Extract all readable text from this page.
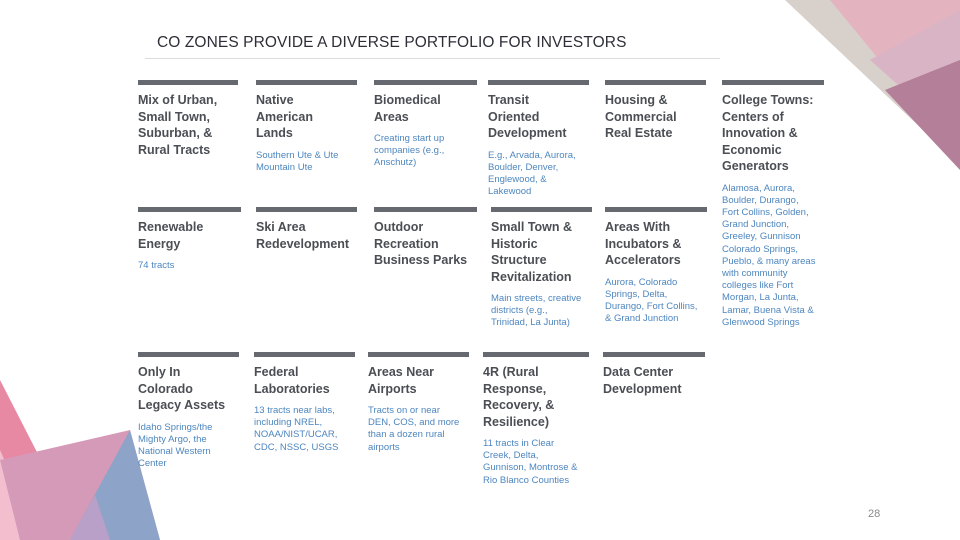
CO ZONES PROVIDE A DIVERSE PORTFOLIO FOR INVESTORS
Mix of Urban,
Small Town,
Suburban, &
Rural Tracts
Native
American
Lands
Southern Ute & Ute
Mountain Ute
Biomedical
Areas
Creating start up
companies (e.g.,
Anschutz)
Transit
Oriented
Development
E.g., Arvada, Aurora,
Boulder, Denver,
Englewood, &
Lakewood
Housing &
Commercial
Real Estate
College Towns:
Centers of
Innovation &
Economic
Generators
Alamosa, Aurora,
Boulder, Durango,
Fort Collins, Golden,
Grand Junction,
Greeley, Gunnison
Colorado Springs,
Pueblo, & many areas
with community
colleges like Fort
Morgan, La Junta,
Lamar, Buena Vista &
Glenwood Springs
Renewable
Energy
74 tracts
Ski Area
Redevelopment
Outdoor
Recreation
Business Parks
Small Town &
Historic
Structure
Revitalization
Main streets, creative
districts (e.g.,
Trinidad, La Junta)
Areas With
Incubators &
Accelerators
Aurora, Colorado
Springs, Delta,
Durango, Fort Collins,
& Grand Junction
Only In
Colorado
Legacy Assets
Idaho Springs/the
Mighty Argo, the
National Western
Center
Federal
Laboratories
13 tracts near labs,
including NREL,
NOAA/NIST/UCAR,
CDC, NSSC, USGS
Areas Near
Airports
Tracts on or near
DEN, COS, and more
than a dozen rural
airports
4R (Rural
Response,
Recovery, &
Resilience)
11 tracts in Clear
Creek, Delta,
Gunnison, Montrose &
Rio Blanco Counties
Data Center
Development
28
